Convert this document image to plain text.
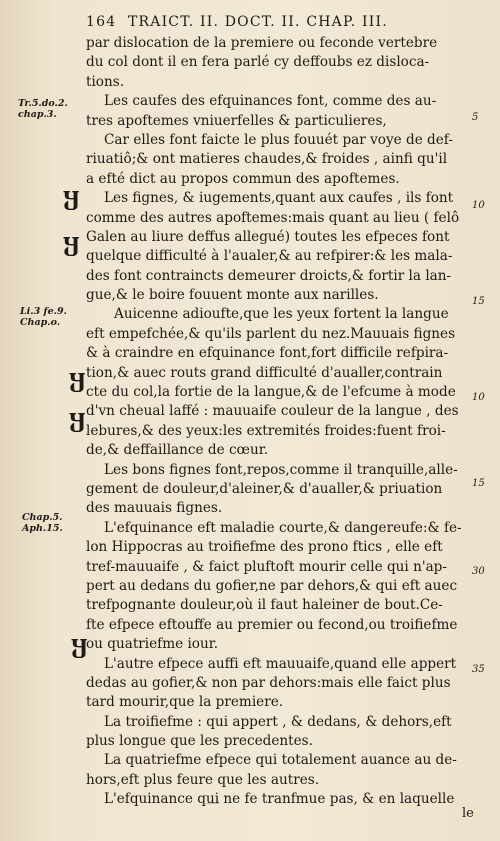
164 TRAICT. II. DOCT. II. CHAP. III.
Tr.5.do.2.
chap.3.
Li.3 fe.9.
Chap.o.
Chap.5.
Aph.15.
Ⴘ
Ⴘ
Ⴘ
Ⴘ
Ⴘ
5
10
15
10
15
30
35
par dislocation de la premiere ou feconde vertebre
du col dont il en fera parlé cy deffoubs ez disloca-
tions.
Les caufes des efquinances font, comme des au-
tres apoftemes vniuerfelles & particulieres,
Car elles font faicte le plus fouuét par voye de def-
riuatiô;& ont matieres chaudes,& froides , ainfi qu'il
a efté dict au propos commun des apoftemes.
Les fignes, & iugements,quant aux caufes , ils font
comme des autres apoftemes:mais quant au lieu ( felô
Galen au liure deffus allegué) toutes les efpeces font
quelque difficulté à l'aualer,& au refpirer:& les mala-
des font contraincts demeurer droicts,& fortir la lan-
gue,& le boire fouuent monte aux narilles.
Auicenne adioufte,que les yeux fortent la langue
eft empefchée,& qu'ils parlent du nez.Mauuais fignes
& à craindre en efquinance font,fort difficile refpira-
tion,& auec routs grand difficulté d'aualler,contrain
cte du col,la fortie de la langue,& de l'efcume à mode
d'vn cheual laffé : mauuaife couleur de la langue , des
lebures,& des yeux:les extremités froides:fuent froi-
de,& deffaillance de cœur.
Les bons fignes font,repos,comme il tranquille,alle-
gement de douleur,d'aleiner,& d'aualler,& priuation
des mauuais fignes.
L'efquinance eft maladie courte,& dangereufe:& fe-
lon Hippocras au troifiefme des prono ftics , elle eft
tref-mauuaife , & faict pluftoft mourir celle qui n'ap-
pert au dedans du gofier,ne par dehors,& qui eft auec
trefpognante douleur,où il faut haleiner de bout.Ce-
fte efpece eftouffe au premier ou fecond,ou troifiefme
ou quatriefme iour.
L'autre efpece auffi eft mauuaife,quand elle appert
dedas au gofier,& non par dehors:mais elle faict plus
tard mourir,que la premiere.
La troifiefme : qui appert , & dedans, & dehors,eft
plus longue que les precedentes.
La quatriefme efpece qui totalement auance au de-
hors,eft plus feure que les autres.
L'efquinance qui ne fe tranfmue pas, & en laquelle
le
